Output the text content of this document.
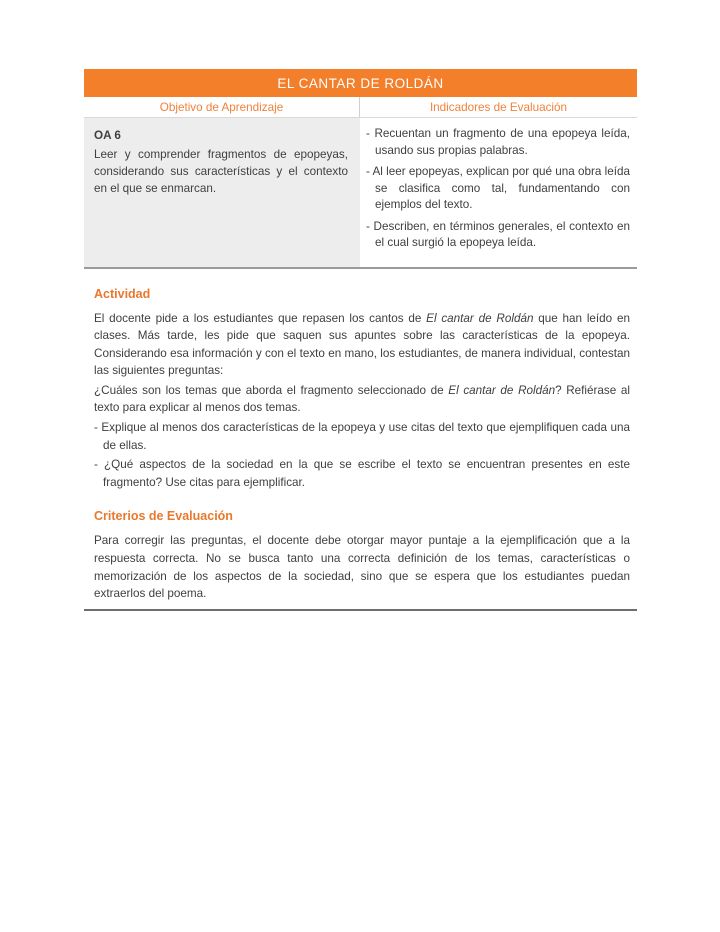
EL CANTAR DE ROLDÁN
Objetivo de Aprendizaje	Indicadores de Evaluación
OA 6
Leer y comprender fragmentos de epopeyas, considerando sus características y el contexto en el que se enmarcan.
- Recuentan un fragmento de una epopeya leída, usando sus propias palabras.
- Al leer epopeyas, explican por qué una obra leída se clasifica como tal, fundamentando con ejemplos del texto.
- Describen, en términos generales, el contexto en el cual surgió la epopeya leída.
Actividad

El docente pide a los estudiantes que repasen los cantos de El cantar de Roldán que han leído en clases. Más tarde, les pide que saquen sus apuntes sobre las características de la epopeya. Considerando esa información y con el texto en mano, los estudiantes, de manera individual, contestan las siguientes preguntas:

¿Cuáles son los temas que aborda el fragmento seleccionado de El cantar de Roldán? Refiérase al texto para explicar al menos dos temas.

- Explique al menos dos características de la epopeya y use citas del texto que ejemplifiquen cada una de ellas.

- ¿Qué aspectos de la sociedad en la que se escribe el texto se encuentran presentes en este fragmento? Use citas para ejemplificar.

Criterios de Evaluación

Para corregir las preguntas, el docente debe otorgar mayor puntaje a la ejemplificación que a la respuesta correcta. No se busca tanto una correcta definición de los temas, características o memorización de los aspectos de la sociedad, sino que se espera que los estudiantes puedan extraerlos del poema.
